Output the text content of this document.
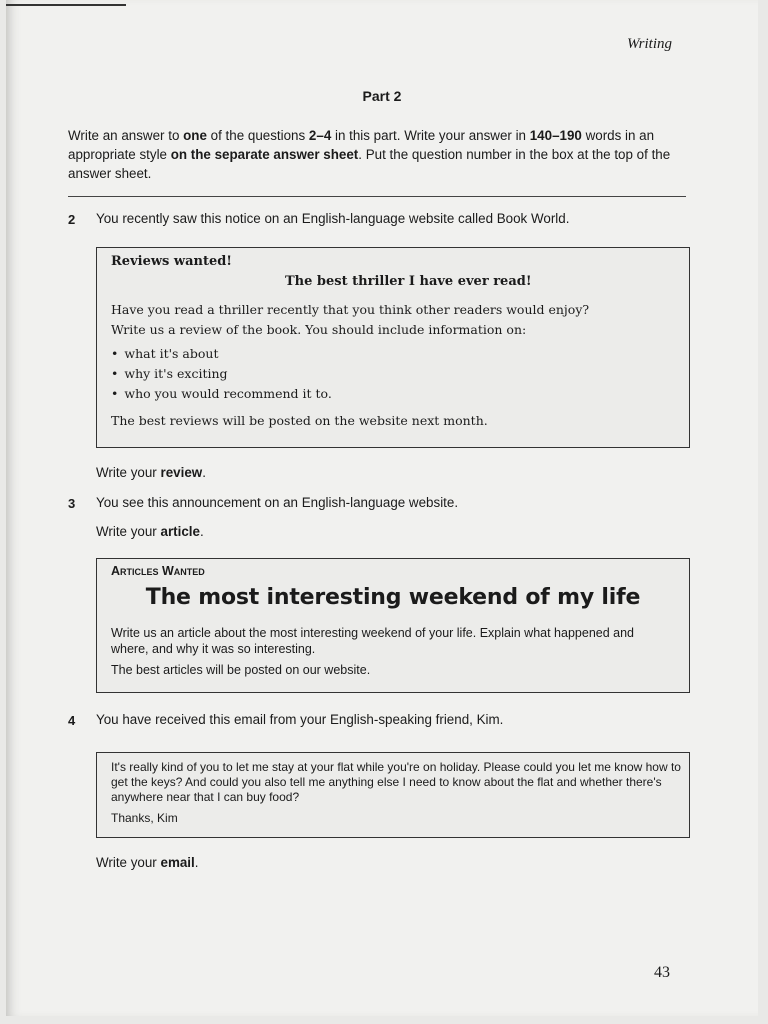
Writing
Part 2
Write an answer to one of the questions 2–4 in this part. Write your answer in 140–190 words in an appropriate style on the separate answer sheet. Put the question number in the box at the top of the answer sheet.
2 You recently saw this notice on an English-language website called Book World.
Reviews wanted!
The best thriller I have ever read!
Have you read a thriller recently that you think other readers would enjoy?
Write us a review of the book. You should include information on:
• what it's about
• why it's exciting
• who you would recommend it to.
The best reviews will be posted on the website next month.
Write your review.
3 You see this announcement on an English-language website.
Write your article.
Articles Wanted
The most interesting weekend of my life
Write us an article about the most interesting weekend of your life. Explain what happened and where, and why it was so interesting.
The best articles will be posted on our website.
4 You have received this email from your English-speaking friend, Kim.
It's really kind of you to let me stay at your flat while you're on holiday. Please could you let me know how to get the keys? And could you also tell me anything else I need to know about the flat and whether there's anywhere near that I can buy food?
Thanks, Kim
Write your email.
43
